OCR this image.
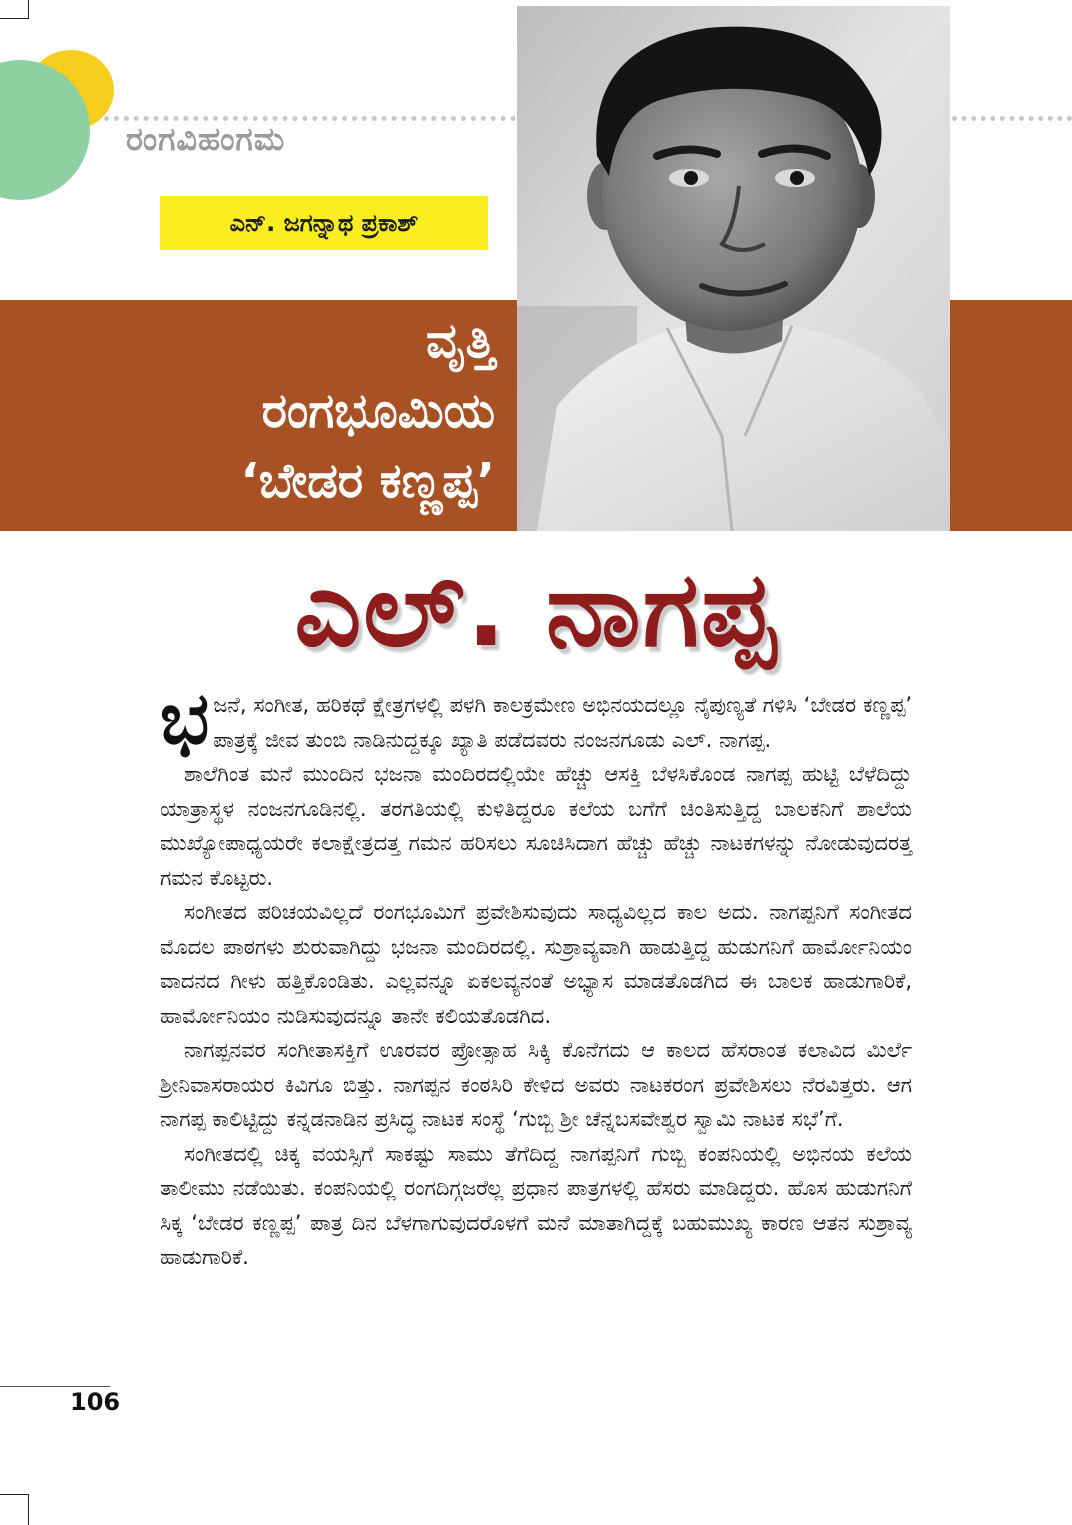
ರಂಗವಿಹಂಗಮ
ಎನ್. ಜಗನ್ನಾಥ ಪ್ರಕಾಶ್
ವೃತ್ತಿ
ರಂಗಭೂಮಿಯ
‘ಬೇಡರ ಕಣ್ಣಪ್ಪ’
ಎಲ್. ನಾಗಪ್ಪ

ಭಜನೆ, ಸಂಗೀತ, ಹರಿಕಥೆ ಕ್ಷೇತ್ರಗಳಲ್ಲಿ ಪಳಗಿ ಕಾಲಕ್ರಮೇಣ ಅಭಿನಯದಲ್ಲೂ ನೈಪುಣ್ಯತೆ ಗಳಿಸಿ ‘ಬೇಡರ ಕಣ್ಣಪ್ಪ’ ಪಾತ್ರಕ್ಕೆ ಜೀವ ತುಂಬಿ ನಾಡಿನುದ್ದಕ್ಕೂ ಖ್ಯಾತಿ ಪಡೆದವರು ನಂಜನಗೂಡು ಎಲ್. ನಾಗಪ್ಪ.

ಶಾಲೆಗಿಂತ ಮನೆ ಮುಂದಿನ ಭಜನಾ ಮಂದಿರದಲ್ಲಿಯೇ ಹೆಚ್ಚು ಆಸಕ್ತಿ ಬೆಳಸಿಕೊಂಡ ನಾಗಪ್ಪ ಹುಟ್ಟಿ ಬೆಳೆದಿದ್ದು ಯಾತ್ರಾಸ್ಥಳ ನಂಜನಗೂಡಿನಲ್ಲಿ. ತರಗತಿಯಲ್ಲಿ ಕುಳಿತಿದ್ದರೂ ಕಲೆಯ ಬಗೆಗೆ ಚಿಂತಿಸುತ್ತಿದ್ದ ಬಾಲಕನಿಗೆ ಶಾಲೆಯ ಮುಖ್ಯೋಪಾಧ್ಯಯರೇ ಕಲಾಕ್ಷೇತ್ರದತ್ತ ಗಮನ ಹರಿಸಲು ಸೂಚಿಸಿದಾಗ ಹೆಚ್ಚು ಹೆಚ್ಚು ನಾಟಕಗಳನ್ನು ನೋಡುವುದರತ್ತ ಗಮನ ಕೊಟ್ಟರು.

ಸಂಗೀತದ ಪರಿಚಯವಿಲ್ಲದೆ ರಂಗಭೂಮಿಗೆ ಪ್ರವೇಶಿಸುವುದು ಸಾಧ್ಯವಿಲ್ಲದ ಕಾಲ ಅದು. ನಾಗಪ್ಪನಿಗೆ ಸಂಗೀತದ ಮೊದಲ ಪಾಠಗಳು ಶುರುವಾಗಿದ್ದು ಭಜನಾ ಮಂದಿರದಲ್ಲಿ. ಸುಶ್ರಾವ್ಯವಾಗಿ ಹಾಡುತ್ತಿದ್ದ ಹುಡುಗನಿಗೆ ಹಾರ್ಮೋನಿಯಂ ವಾದನದ ಗೀಳು ಹತ್ತಿಕೊಂಡಿತು. ಎಲ್ಲವನ್ನೂ ಏಕಲವ್ಯನಂತೆ ಅಭ್ಯಾಸ ಮಾಡತೊಡಗಿದ ಈ ಬಾಲಕ ಹಾಡುಗಾರಿಕೆ, ಹಾರ್ಮೋನಿಯಂ ನುಡಿಸುವುದನ್ನೂ ತಾನೇ ಕಲಿಯತೊಡಗಿದ.

ನಾಗಪ್ಪನವರ ಸಂಗೀತಾಸಕ್ತಿಗೆ ಊರವರ ಪ್ರೋತ್ಸಾಹ ಸಿಕ್ಕಿ ಕೊನೆಗದು ಆ ಕಾಲದ ಹೆಸರಾಂತ ಕಲಾವಿದ ಮಿರ್ಲೆ ಶ್ರೀನಿವಾಸರಾಯರ ಕಿವಿಗೂ ಬಿತ್ತು. ನಾಗಪ್ಪನ ಕಂಠಸಿರಿ ಕೇಳಿದ ಅವರು ನಾಟಕರಂಗ ಪ್ರವೇಶಿಸಲು ನೆರವಿತ್ತರು. ಆಗ ನಾಗಪ್ಪ ಕಾಲಿಟ್ಟಿದ್ದು ಕನ್ನಡನಾಡಿನ ಪ್ರಸಿದ್ಧ ನಾಟಕ ಸಂಸ್ಥೆ ‘ಗುಬ್ಬಿ ಶ್ರೀ ಚೆನ್ನಬಸವೇಶ್ವರ ಸ್ವಾಮಿ ನಾಟಕ ಸಭೆ’ಗೆ.

ಸಂಗೀತದಲ್ಲಿ ಚಿಕ್ಕ ವಯಸ್ಸಿಗೆ ಸಾಕಷ್ಟು ಸಾಮು ತೆಗೆದಿದ್ದ ನಾಗಪ್ಪನಿಗೆ ಗುಬ್ಬಿ ಕಂಪನಿಯಲ್ಲಿ ಅಭಿನಯ ಕಲೆಯ ತಾಲೀಮು ನಡೆಯಿತು. ಕಂಪನಿಯಲ್ಲಿ ರಂಗದಿಗ್ಗಜರೆಲ್ಲ ಪ್ರಧಾನ ಪಾತ್ರಗಳಲ್ಲಿ ಹೆಸರು ಮಾಡಿದ್ದರು. ಹೊಸ ಹುಡುಗನಿಗೆ ಸಿಕ್ಕ ‘ಬೇಡರ ಕಣ್ಣಪ್ಪ’ ಪಾತ್ರ ದಿನ ಬೆಳಗಾಗುವುದರೊಳಗೆ ಮನೆ ಮಾತಾಗಿದ್ದಕ್ಕೆ ಬಹುಮುಖ್ಯ ಕಾರಣ ಆತನ ಸುಶ್ರಾವ್ಯ ಹಾಡುಗಾರಿಕೆ.

106
